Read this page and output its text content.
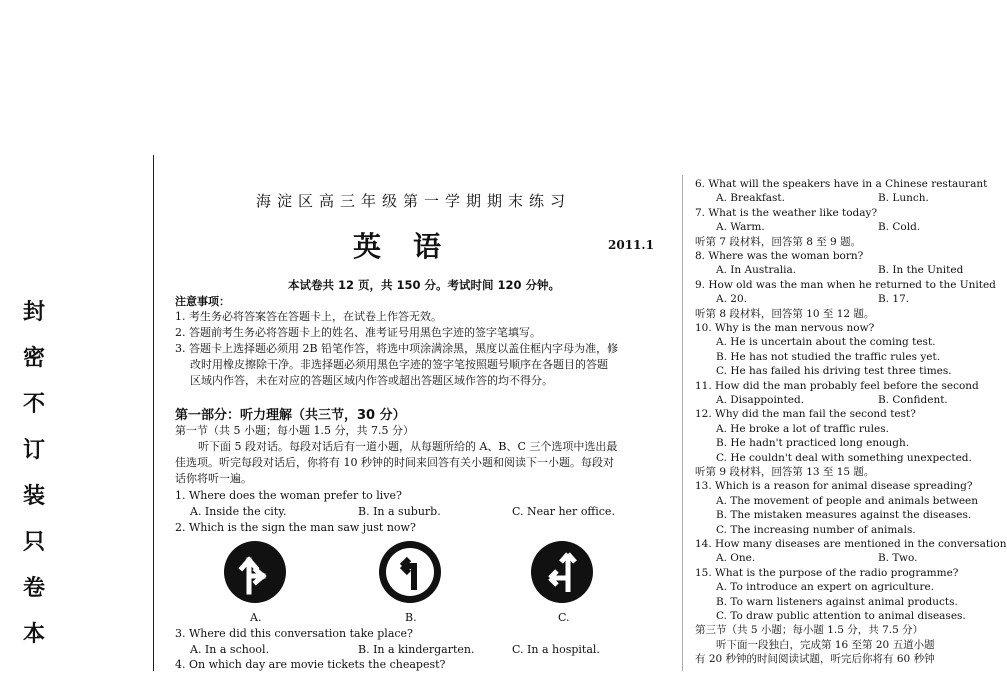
本
卷
只
装
订
不
密
封
海淀区高三年级第一学期期末练习
英语	2011.1
本试卷共 12 页，共 150 分。考试时间 120 分钟。
注意事项：
1. 考生务必将答案答在答题卡上，在试卷上作答无效。
2. 答题前考生务必将答题卡上的姓名、准考证号用黑色字迹的签字笔填写。
3. 答题卡上选择题必须用 2B 铅笔作答，将选中项涂满涂黑，黑度以盖住框内字母为准，修
改时用橡皮擦除干净。非选择题必须用黑色字迹的签字笔按照题号顺序在各题目的答题
区域内作答，未在对应的答题区域内作答或超出答题区域作答的均不得分。
第一部分：听力理解（共三节，30 分）
第一节（共 5 小题；每小题 1.5 分，共 7.5 分）
听下面 5 段对话。每段对话后有一道小题，从每题所给的 A、B、C 三个选项中选出最
佳选项。听完每段对话后，你将有 10 秒钟的时间来回答有关小题和阅读下一小题。每段对
话你将听一遍。
1. Where does the woman prefer to live?
A. Inside the city.	B. In a suburb.	C. Near her office.
2. Which is the sign the man saw just now?
A.	B.	C.
3. Where did this conversation take place?
A. In a school.	B. In a kindergarten.	C. In a hospital.
4. On which day are movie tickets the cheapest?
6. What will the speakers have in a Chinese restaurant
A. Breakfast.	B. Lunch.
7. What is the weather like today?
A. Warm.	B. Cold.
听第 7 段材料，回答第 8 至 9 题。
8. Where was the woman born?
A. In Australia.	B. In the United
9. How old was the man when he returned to the United
A. 20.	B. 17.
听第 8 段材料，回答第 10 至 12 题。
10. Why is the man nervous now?
A. He is uncertain about the coming test.
B. He has not studied the traffic rules yet.
C. He has failed his driving test three times.
11. How did the man probably feel before the second
A. Disappointed.	B. Confident.
12. Why did the man fail the second test?
A. He broke a lot of traffic rules.
B. He hadn't practiced long enough.
C. He couldn't deal with something unexpected.
听第 9 段材料，回答第 13 至 15 题。
13. Which is a reason for animal disease spreading?
A. The movement of people and animals between
B. The mistaken measures against the diseases.
C. The increasing number of animals.
14. How many diseases are mentioned in the conversation
A. One.	B. Two.
15. What is the purpose of the radio programme?
A. To introduce an expert on agriculture.
B. To warn listeners against animal products.
C. To draw public attention to animal diseases.
第三节（共 5 小题；每小题 1.5 分，共 7.5 分）
听下面一段独白，完成第 16 至第 20 五道小题
有 20 秒钟的时间阅读试题，听完后你将有 60 秒钟
